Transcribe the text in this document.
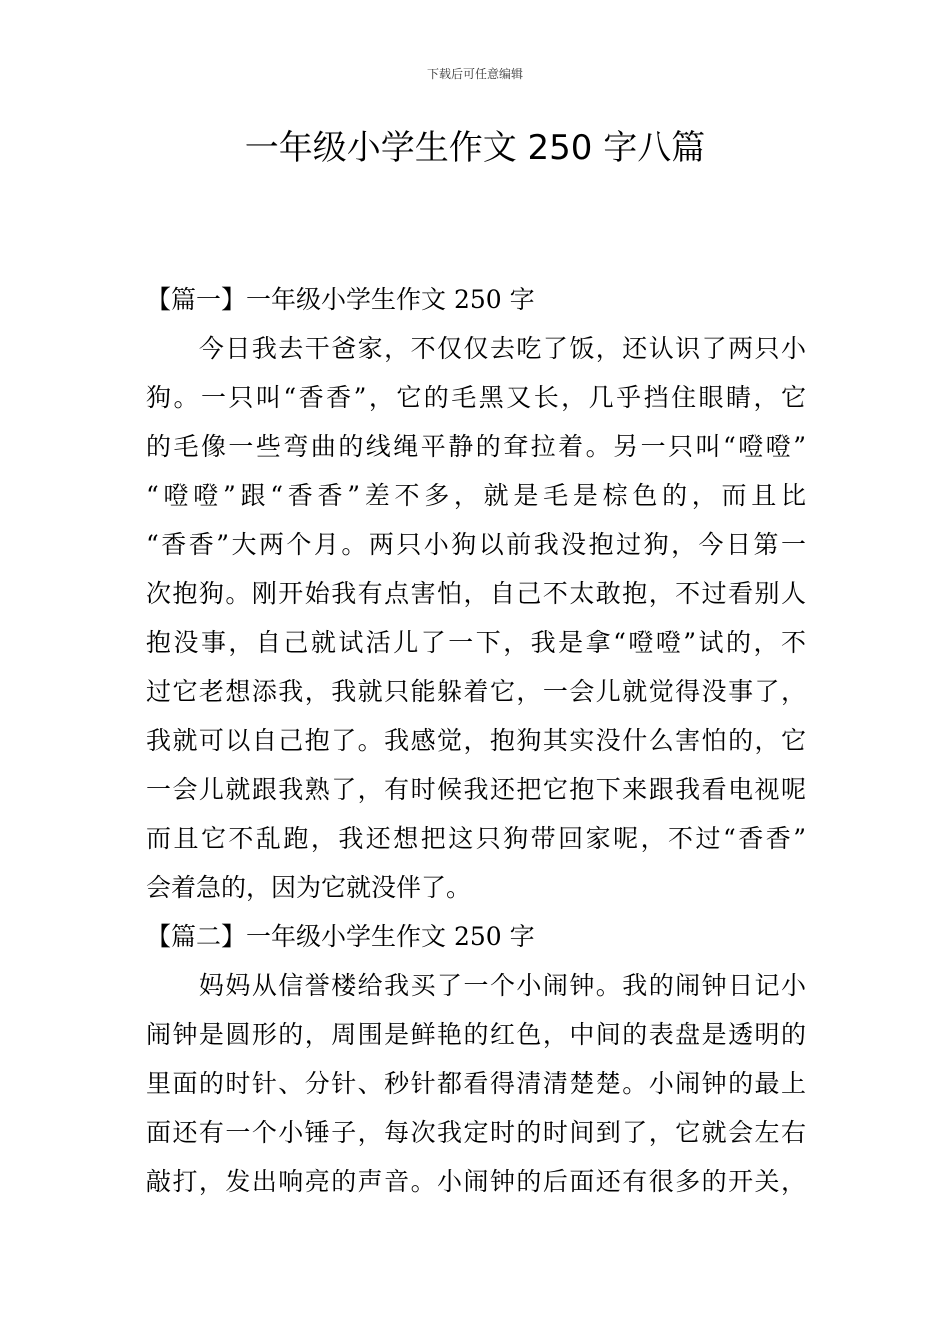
下载后可任意编辑
一年级小学生作文 250 字八篇
【篇一】一年级小学生作文 250 字

　　今日我去干爸家，不仅仅去吃了饭，还认识了两只小
狗。一只叫“香香”，它的毛黑又长，几乎挡住眼睛，它
的毛像一些弯曲的线绳平静的耷拉着。另一只叫“噔噔”
“噔噔”跟“香香”差不多，就是毛是棕色的，而且比
“香香”大两个月。两只小狗以前我没抱过狗，今日第一
次抱狗。刚开始我有点害怕，自己不太敢抱，不过看别人
抱没事，自己就试活儿了一下，我是拿“噔噔”试的，不
过它老想添我，我就只能躲着它，一会儿就觉得没事了，
我就可以自己抱了。我感觉，抱狗其实没什么害怕的，它
一会儿就跟我熟了，有时候我还把它抱下来跟我看电视呢
而且它不乱跑，我还想把这只狗带回家呢，不过“香香”
会着急的，因为它就没伴了。

【篇二】一年级小学生作文 250 字

　　妈妈从信誉楼给我买了一个小闹钟。我的闹钟日记小
闹钟是圆形的，周围是鲜艳的红色，中间的表盘是透明的
里面的时针、分针、秒针都看得清清楚楚。小闹钟的最上
面还有一个小锤子，每次我定时的时间到了，它就会左右
敲打，发出响亮的声音。小闹钟的后面还有很多的开关，
